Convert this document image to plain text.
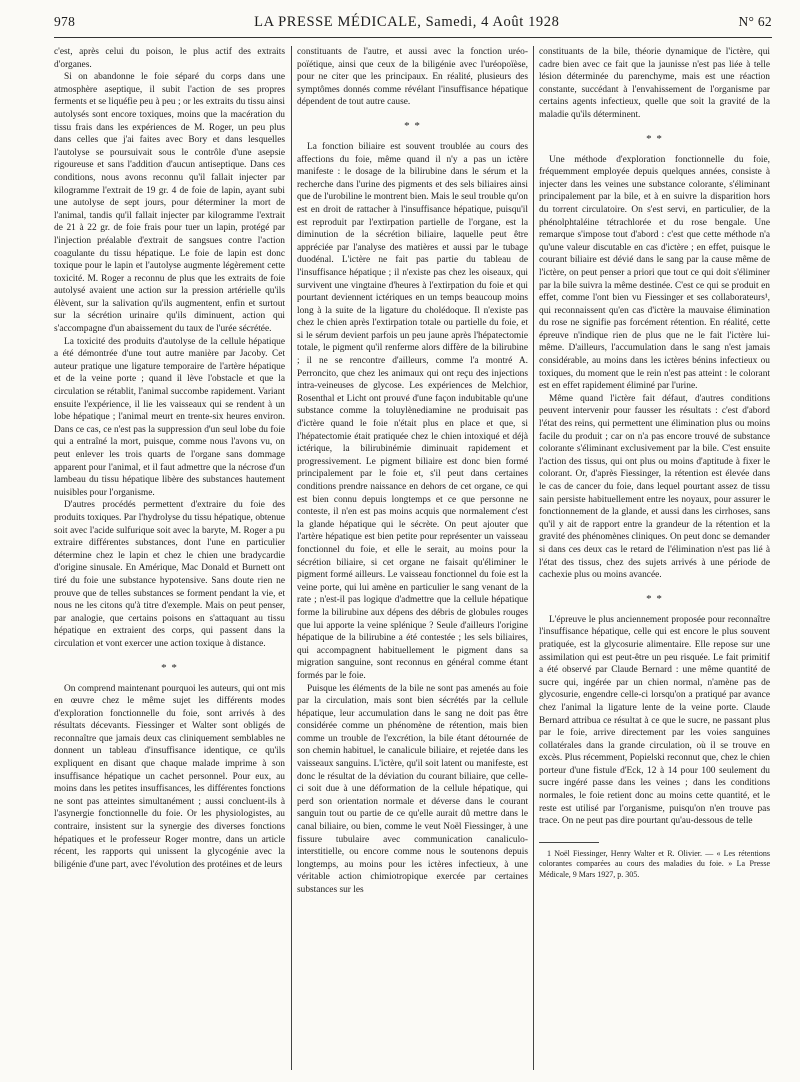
978	LA PRESSE MÉDICALE, Samedi, 4 Août 1928	N° 62

c'est, après celui du poison, le plus actif des extraits d'organes.

Si on abandonne le foie séparé du corps dans une atmosphère aseptique, il subit l'action de ses propres ferments et se liquéfie peu à peu ; or les extraits du tissu ainsi autolysés sont encore toxiques, moins que la macération du tissu frais dans les expériences de M. Roger, un peu plus dans celles que j'ai faites avec Bory et dans lesquelles l'autolyse se poursuivait sous le contrôle d'une asepsie rigoureuse et sans l'addition d'aucun antiseptique. Dans ces conditions, nous avons reconnu qu'il fallait injecter par kilogramme l'extrait de 19 gr. 4 de foie de lapin, ayant subi une autolyse de sept jours, pour déterminer la mort de l'animal, tandis qu'il fallait injecter par kilogramme l'extrait de 21 à 22 gr. de foie frais pour tuer un lapin, protégé par l'injection préalable d'extrait de sangsues contre l'action coagulante du tissu hépatique. Le foie de lapin est donc toxique pour le lapin et l'autolyse augmente légèrement cette toxicité. M. Roger a reconnu de plus que les extraits de foie autolysé avaient une action sur la pression artérielle qu'ils élèvent, sur la salivation qu'ils augmentent, enfin et surtout sur la sécrétion urinaire qu'ils diminuent, action qui s'accompagne d'un abaissement du taux de l'urée sécrétée.

La toxicité des produits d'autolyse de la cellule hépatique a été démontrée d'une tout autre manière par Jacoby. Cet auteur pratique une ligature temporaire de l'artère hépatique et de la veine porte ; quand il lève l'obstacle et que la circulation se rétablit, l'animal succombe rapidement. Variant ensuite l'expérience, il lie les vaisseaux qui se rendent à un lobe hépatique ; l'animal meurt en trente-six heures environ. Dans ce cas, ce n'est pas la suppression d'un seul lobe du foie qui a entraîné la mort, puisque, comme nous l'avons vu, on peut enlever les trois quarts de l'organe sans dommage apparent pour l'animal, et il faut admettre que la nécrose d'un lambeau du tissu hépatique libère des substances hautement nuisibles pour l'organisme.

D'autres procédés permettent d'extraire du foie des produits toxiques. Par l'hydrolyse du tissu hépatique, obtenue soit avec l'acide sulfurique soit avec la baryte, M. Roger a pu extraire différentes substances, dont l'une en particulier détermine chez le lapin et chez le chien une bradycardie d'origine sinusale. En Amérique, Mac Donald et Burnett ont tiré du foie une substance hypotensive. Sans doute rien ne prouve que de telles substances se forment pendant la vie, et nous ne les citons qu'à titre d'exemple. Mais on peut penser, par analogie, que certains poisons en s'attaquant au tissu hépatique en extraient des corps, qui passent dans la circulation et vont exercer une action toxique à distance.

* *

On comprend maintenant pourquoi les auteurs, qui ont mis en œuvre chez le même sujet les différents modes d'exploration fonctionnelle du foie, sont arrivés à des résultats décevants. Fiessinger et Walter sont obligés de reconnaître que jamais deux cas cliniquement semblables ne donnent un tableau d'insuffisance identique, ce qu'ils expliquent en disant que chaque malade imprime à son insuffisance hépatique un cachet personnel. Pour eux, au moins dans les petites insuffisances, les différentes fonctions ne sont pas atteintes simultanément ; aussi concluent-ils à l'asynergie fonctionnelle du foie. Or les physiologistes, au contraire, insistent sur la synergie des diverses fonctions hépatiques et le professeur Roger montre, dans un article récent, les rapports qui unissent la glycogénie avec la biligénie d'une part, avec l'évolution des protéines et de leurs

constituants de l'autre, et aussi avec la fonction uréo-poïétique, ainsi que ceux de la biligénie avec l'uréopoïèse, pour ne citer que les principaux. En réalité, plusieurs des symptômes donnés comme révélant l'insuffisance hépatique dépendent de tout autre cause.

* *

La fonction biliaire est souvent troublée au cours des affections du foie, même quand il n'y a pas un ictère manifeste : le dosage de la bilirubine dans le sérum et la recherche dans l'urine des pigments et des sels biliaires ainsi que de l'urobiline le montrent bien. Mais le seul trouble qu'on est en droit de rattacher à l'insuffisance hépatique, puisqu'il est reproduit par l'extirpation partielle de l'organe, est la diminution de la sécrétion biliaire, laquelle peut être appréciée par l'analyse des matières et aussi par le tubage duodénal. L'ictère ne fait pas partie du tableau de l'insuffisance hépatique ; il n'existe pas chez les oiseaux, qui survivent une vingtaine d'heures à l'extirpation du foie et qui pourtant deviennent ictériques en un temps beaucoup moins long à la suite de la ligature du cholédoque. Il n'existe pas chez le chien après l'extirpation totale ou partielle du foie, et si le sérum devient parfois un peu jaune après l'hépatectomie totale, le pigment qu'il renferme alors diffère de la bilirubine ; il ne se rencontre d'ailleurs, comme l'a montré A. Perroncito, que chez les animaux qui ont reçu des injections intra-veineuses de glycose. Les expériences de Melchior, Rosenthal et Licht ont prouvé d'une façon indubitable qu'une substance comme la toluylènediamine ne produisait pas d'ictère quand le foie n'était plus en place et que, si l'hépatectomie était pratiquée chez le chien intoxiqué et déjà ictérique, la bilirubinémie diminuait rapidement et progressivement. Le pigment biliaire est donc bien formé principalement par le foie et, s'il peut dans certaines conditions prendre naissance en dehors de cet organe, ce qui est bien connu depuis longtemps et ce que personne ne conteste, il n'en est pas moins acquis que normalement c'est la glande hépatique qui le sécrète. On peut ajouter que l'artère hépatique est bien petite pour représenter un vaisseau fonctionnel du foie, et elle le serait, au moins pour la sécrétion biliaire, si cet organe ne faisait qu'éliminer le pigment formé ailleurs. Le vaisseau fonctionnel du foie est la veine porte, qui lui amène en particulier le sang venant de la rate ; n'est-il pas logique d'admettre que la cellule hépatique forme la bilirubine aux dépens des débris de globules rouges que lui apporte la veine splénique ? Seule d'ailleurs l'origine hépatique de la bilirubine a été contestée ; les sels biliaires, qui accompagnent habituellement le pigment dans sa migration sanguine, sont reconnus en général comme étant formés par le foie.

Puisque les éléments de la bile ne sont pas amenés au foie par la circulation, mais sont bien sécrétés par la cellule hépatique, leur accumulation dans le sang ne doit pas être considérée comme un phénomène de rétention, mais bien comme un trouble de l'excrétion, la bile étant détournée de son chemin habituel, le canalicule biliaire, et rejetée dans les vaisseaux sanguins. L'ictère, qu'il soit latent ou manifeste, est donc le résultat de la déviation du courant biliaire, que celle-ci soit due à une déformation de la cellule hépatique, qui perd son orientation normale et déverse dans le courant sanguin tout ou partie de ce qu'elle aurait dû mettre dans le canal biliaire, ou bien, comme le veut Noël Fiessinger, à une fissure tubulaire avec communication canaliculo-interstitielle, ou encore comme nous le soutenons depuis longtemps, au moins pour les ictères infectieux, à une véritable action chimiotropique exercée par certaines substances sur les

constituants de la bile, théorie dynamique de l'ictère, qui cadre bien avec ce fait que la jaunisse n'est pas liée à telle lésion déterminée du parenchyme, mais est une réaction constante, succédant à l'envahissement de l'organisme par certains agents infectieux, quelle que soit la gravité de la maladie qu'ils déterminent.

* *

Une méthode d'exploration fonctionnelle du foie, fréquemment employée depuis quelques années, consiste à injecter dans les veines une substance colorante, s'éliminant principalement par la bile, et à en suivre la disparition hors du torrent circulatoire. On s'est servi, en particulier, de la phénolphtaléine tétrachlorée et du rose bengale. Une remarque s'impose tout d'abord : c'est que cette méthode n'a qu'une valeur discutable en cas d'ictère ; en effet, puisque le courant biliaire est dévié dans le sang par la cause même de l'ictère, on peut penser a priori que tout ce qui doit s'éliminer par la bile suivra la même destinée. C'est ce qui se produit en effet, comme l'ont bien vu Fiessinger et ses collaborateurs¹, qui reconnaissent qu'en cas d'ictère la mauvaise élimination du rose ne signifie pas forcément rétention. En réalité, cette épreuve n'indique rien de plus que ne le fait l'ictère lui-même. D'ailleurs, l'accumulation dans le sang n'est jamais considérable, au moins dans les ictères bénins infectieux ou toxiques, du moment que le rein n'est pas atteint : le colorant est en effet rapidement éliminé par l'urine.

Même quand l'ictère fait défaut, d'autres conditions peuvent intervenir pour fausser les résultats : c'est d'abord l'état des reins, qui permettent une élimination plus ou moins facile du produit ; car on n'a pas encore trouvé de substance colorante s'éliminant exclusivement par la bile. C'est ensuite l'action des tissus, qui ont plus ou moins d'aptitude à fixer le colorant. Or, d'après Fiessinger, la rétention est élevée dans le cas de cancer du foie, dans lequel pourtant assez de tissu sain persiste habituellement entre les noyaux, pour assurer le fonctionnement de la glande, et aussi dans les cirrhoses, sans qu'il y ait de rapport entre la grandeur de la rétention et la gravité des phénomènes cliniques. On peut donc se demander si dans ces deux cas le retard de l'élimination n'est pas lié à l'état des tissus, chez des sujets arrivés à une période de cachexie plus ou moins avancée.

* *

L'épreuve le plus anciennement proposée pour reconnaître l'insuffisance hépatique, celle qui est encore le plus souvent pratiquée, est la glycosurie alimentaire. Elle repose sur une assimilation qui est peut-être un peu risquée. Le fait primitif a été observé par Claude Bernard : une même quantité de sucre qui, ingérée par un chien normal, n'amène pas de glycosurie, engendre celle-ci lorsqu'on a pratiqué par avance chez l'animal la ligature lente de la veine porte. Claude Bernard attribua ce résultat à ce que le sucre, ne passant plus par le foie, arrive directement par les voies sanguines collatérales dans la grande circulation, où il se trouve en excès. Plus récemment, Popielski reconnut que, chez le chien porteur d'une fistule d'Eck, 12 à 14 pour 100 seulement du sucre ingéré passe dans les veines ; dans les conditions normales, le foie retient donc au moins cette quantité, et le reste est utilisé par l'organisme, puisqu'on n'en trouve pas trace. On ne peut pas dire pourtant qu'au-dessous de telle

1 Noël Fiessinger, Henry Walter et R. Olivier. — « Les rétentions colorantes comparées au cours des maladies du foie. » La Presse Médicale, 9 Mars 1927, p. 305.
